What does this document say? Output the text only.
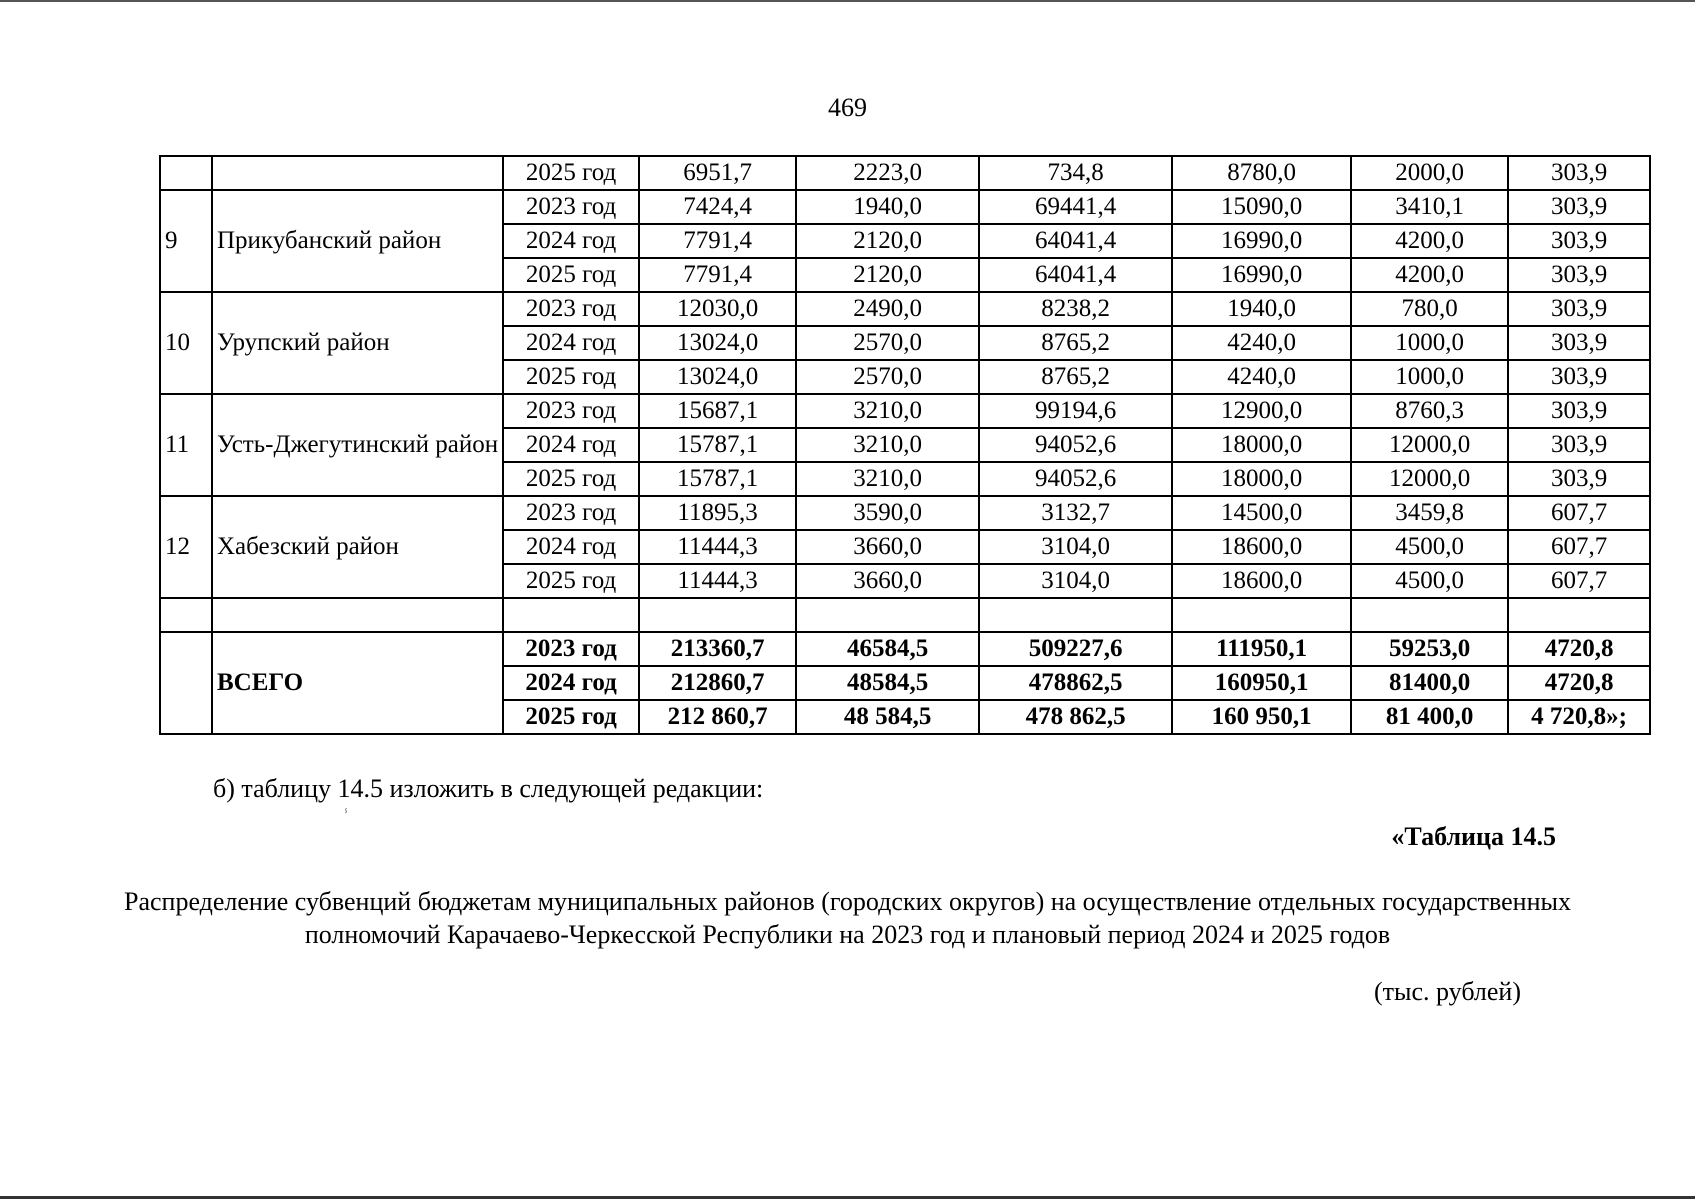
469
		2025 год	6951,7	2223,0	734,8	8780,0	2000,0	303,9
9	Прикубанский район	2023 год	7424,4	1940,0	69441,4	15090,0	3410,1	303,9
		2024 год	7791,4	2120,0	64041,4	16990,0	4200,0	303,9
		2025 год	7791,4	2120,0	64041,4	16990,0	4200,0	303,9
10	Урупский район	2023 год	12030,0	2490,0	8238,2	1940,0	780,0	303,9
		2024 год	13024,0	2570,0	8765,2	4240,0	1000,0	303,9
		2025 год	13024,0	2570,0	8765,2	4240,0	1000,0	303,9
11	Усть-Джегутинский район	2023 год	15687,1	3210,0	99194,6	12900,0	8760,3	303,9
		2024 год	15787,1	3210,0	94052,6	18000,0	12000,0	303,9
		2025 год	15787,1	3210,0	94052,6	18000,0	12000,0	303,9
12	Хабезский район	2023 год	11895,3	3590,0	3132,7	14500,0	3459,8	607,7
		2024 год	11444,3	3660,0	3104,0	18600,0	4500,0	607,7
		2025 год	11444,3	3660,0	3104,0	18600,0	4500,0	607,7

	ВСЕГО	2023 год	213360,7	46584,5	509227,6	111950,1	59253,0	4720,8
		2024 год	212860,7	48584,5	478862,5	160950,1	81400,0	4720,8
		2025 год	212 860,7	48 584,5	478 862,5	160 950,1	81 400,0	4 720,8»;
б) таблицу 14.5 изложить в следующей редакции:
ⸯ
«Таблица 14.5
Распределение субвенций бюджетам муниципальных районов (городских округов) на осуществление отдельных государственных полномочий Карачаево-Черкесской Республики на 2023 год и плановый период 2024 и 2025 годов
(тыс. рублей)
